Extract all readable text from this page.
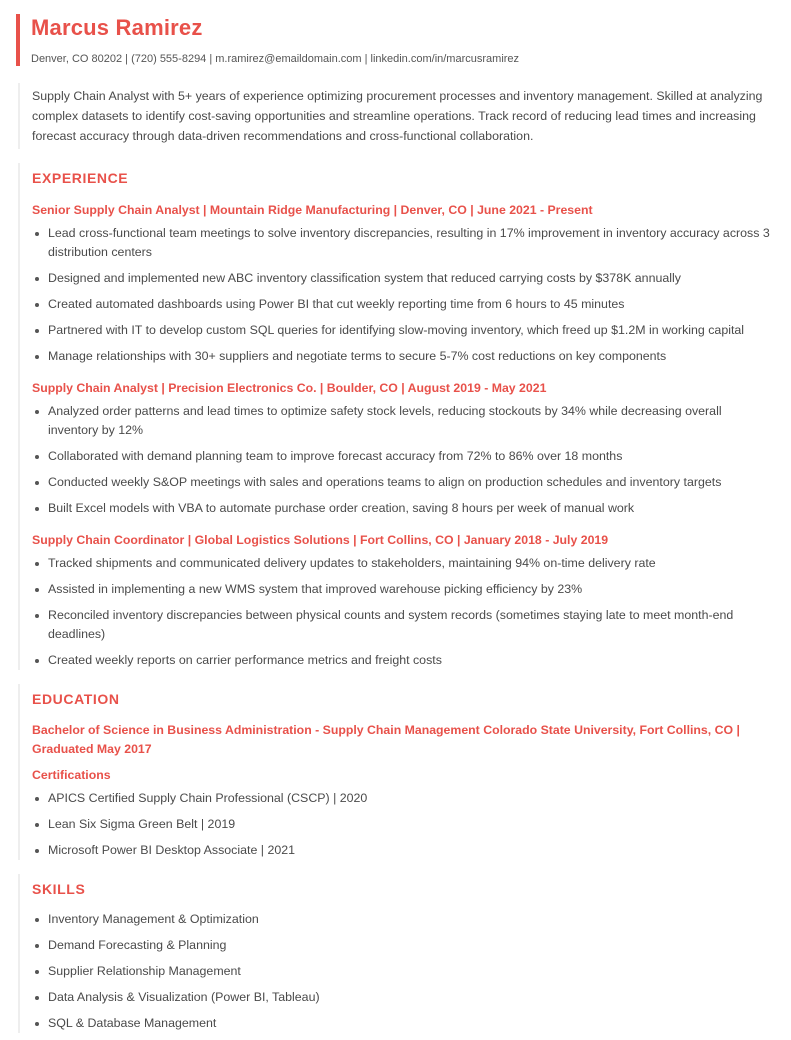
Marcus Ramirez
Denver, CO 80202 | (720) 555-8294 | m.ramirez@emaildomain.com | linkedin.com/in/marcusramirez
Supply Chain Analyst with 5+ years of experience optimizing procurement processes and inventory management. Skilled at analyzing complex datasets to identify cost-saving opportunities and streamline operations. Track record of reducing lead times and increasing forecast accuracy through data-driven recommendations and cross-functional collaboration.
EXPERIENCE
Senior Supply Chain Analyst | Mountain Ridge Manufacturing | Denver, CO | June 2021 - Present
Lead cross-functional team meetings to solve inventory discrepancies, resulting in 17% improvement in inventory accuracy across 3 distribution centers
Designed and implemented new ABC inventory classification system that reduced carrying costs by $378K annually
Created automated dashboards using Power BI that cut weekly reporting time from 6 hours to 45 minutes
Partnered with IT to develop custom SQL queries for identifying slow-moving inventory, which freed up $1.2M in working capital
Manage relationships with 30+ suppliers and negotiate terms to secure 5-7% cost reductions on key components
Supply Chain Analyst | Precision Electronics Co. | Boulder, CO | August 2019 - May 2021
Analyzed order patterns and lead times to optimize safety stock levels, reducing stockouts by 34% while decreasing overall inventory by 12%
Collaborated with demand planning team to improve forecast accuracy from 72% to 86% over 18 months
Conducted weekly S&OP meetings with sales and operations teams to align on production schedules and inventory targets
Built Excel models with VBA to automate purchase order creation, saving 8 hours per week of manual work
Supply Chain Coordinator | Global Logistics Solutions | Fort Collins, CO | January 2018 - July 2019
Tracked shipments and communicated delivery updates to stakeholders, maintaining 94% on-time delivery rate
Assisted in implementing a new WMS system that improved warehouse picking efficiency by 23%
Reconciled inventory discrepancies between physical counts and system records (sometimes staying late to meet month-end deadlines)
Created weekly reports on carrier performance metrics and freight costs
EDUCATION
Bachelor of Science in Business Administration - Supply Chain Management Colorado State University, Fort Collins, CO | Graduated May 2017
Certifications
APICS Certified Supply Chain Professional (CSCP) | 2020
Lean Six Sigma Green Belt | 2019
Microsoft Power BI Desktop Associate | 2021
SKILLS
Inventory Management & Optimization
Demand Forecasting & Planning
Supplier Relationship Management
Data Analysis & Visualization (Power BI, Tableau)
SQL & Database Management
